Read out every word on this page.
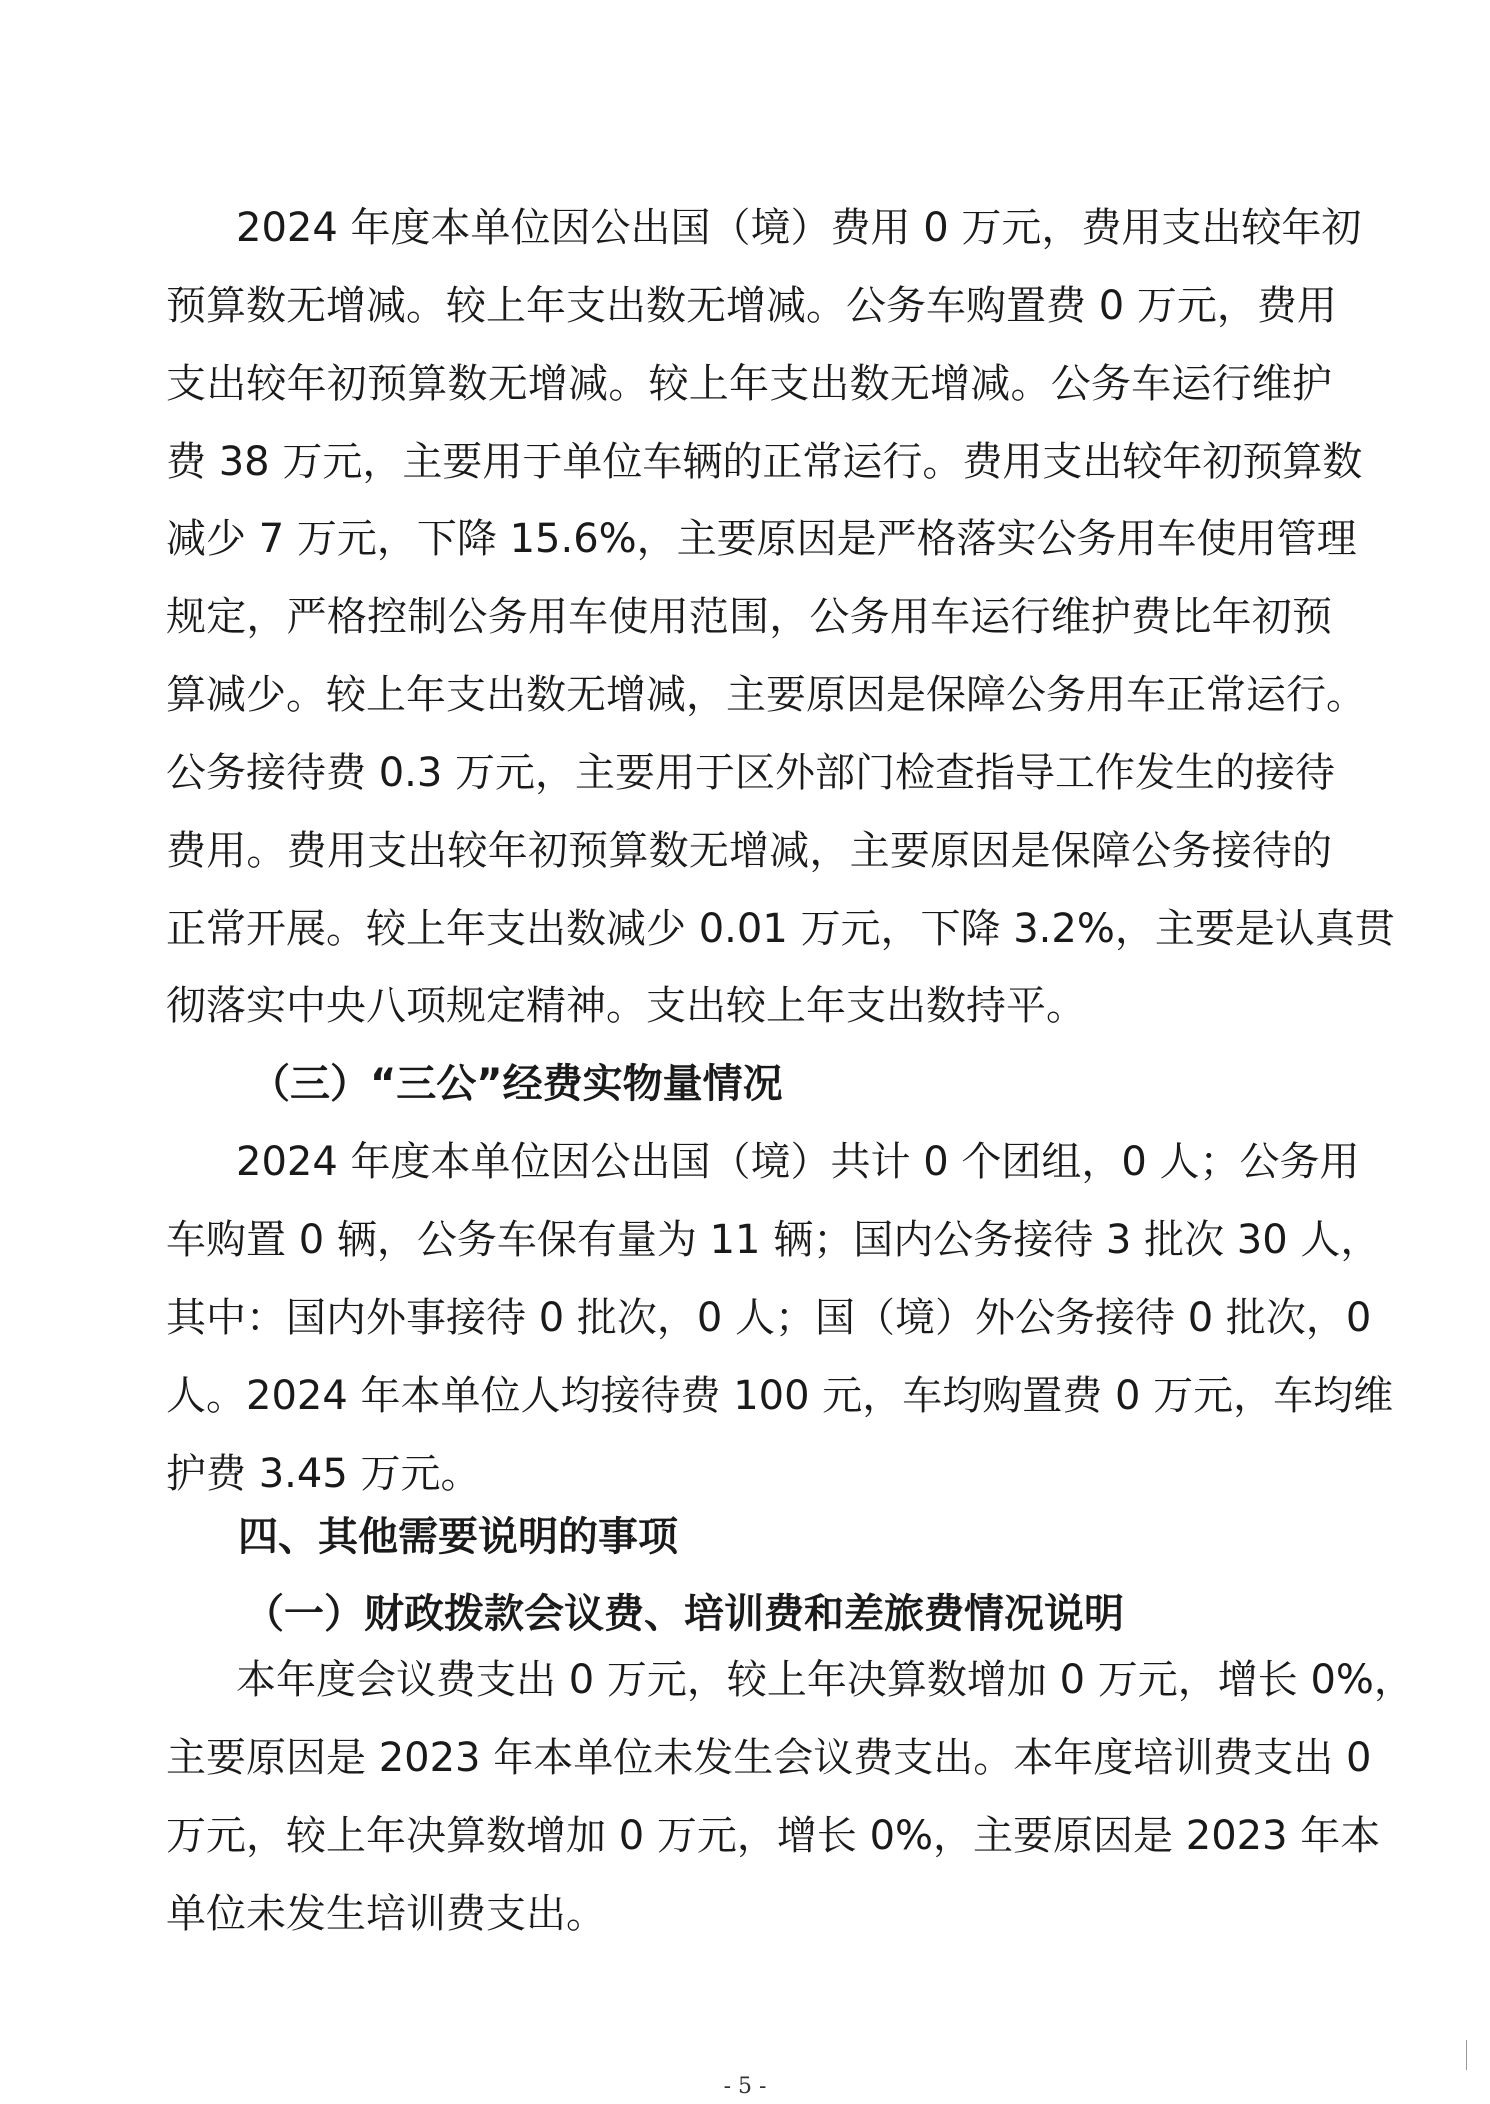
2024 年度本单位因公出国（境）费用 0 万元，费用支出较年初
预算数无增减。较上年支出数无增减。公务车购置费 0 万元，费用
支出较年初预算数无增减。较上年支出数无增减。公务车运行维护
费 38 万元，主要用于单位车辆的正常运行。费用支出较年初预算数
减少 7 万元，下降 15.6%，主要原因是严格落实公务用车使用管理
规定，严格控制公务用车使用范围，公务用车运行维护费比年初预
算减少。较上年支出数无增减，主要原因是保障公务用车正常运行。
公务接待费 0.3 万元，主要用于区外部门检查指导工作发生的接待
费用。费用支出较年初预算数无增减，主要原因是保障公务接待的
正常开展。较上年支出数减少 0.01 万元，下降 3.2%，主要是认真贯
彻落实中央八项规定精神。支出较上年支出数持平。
（三）“三公”经费实物量情况
2024 年度本单位因公出国（境）共计 0 个团组，0 人；公务用
车购置 0 辆，公务车保有量为 11 辆；国内公务接待 3 批次 30 人，
其中：国内外事接待 0 批次，0 人；国（境）外公务接待 0 批次，0
人。2024 年本单位人均接待费 100 元，车均购置费 0 万元，车均维
护费 3.45 万元。
四、其他需要说明的事项
（一）财政拨款会议费、培训费和差旅费情况说明
本年度会议费支出 0 万元，较上年决算数增加 0 万元，增长 0%，
主要原因是 2023 年本单位未发生会议费支出。本年度培训费支出 0
万元，较上年决算数增加 0 万元，增长 0%，主要原因是 2023 年本
单位未发生培训费支出。
- 5 -
